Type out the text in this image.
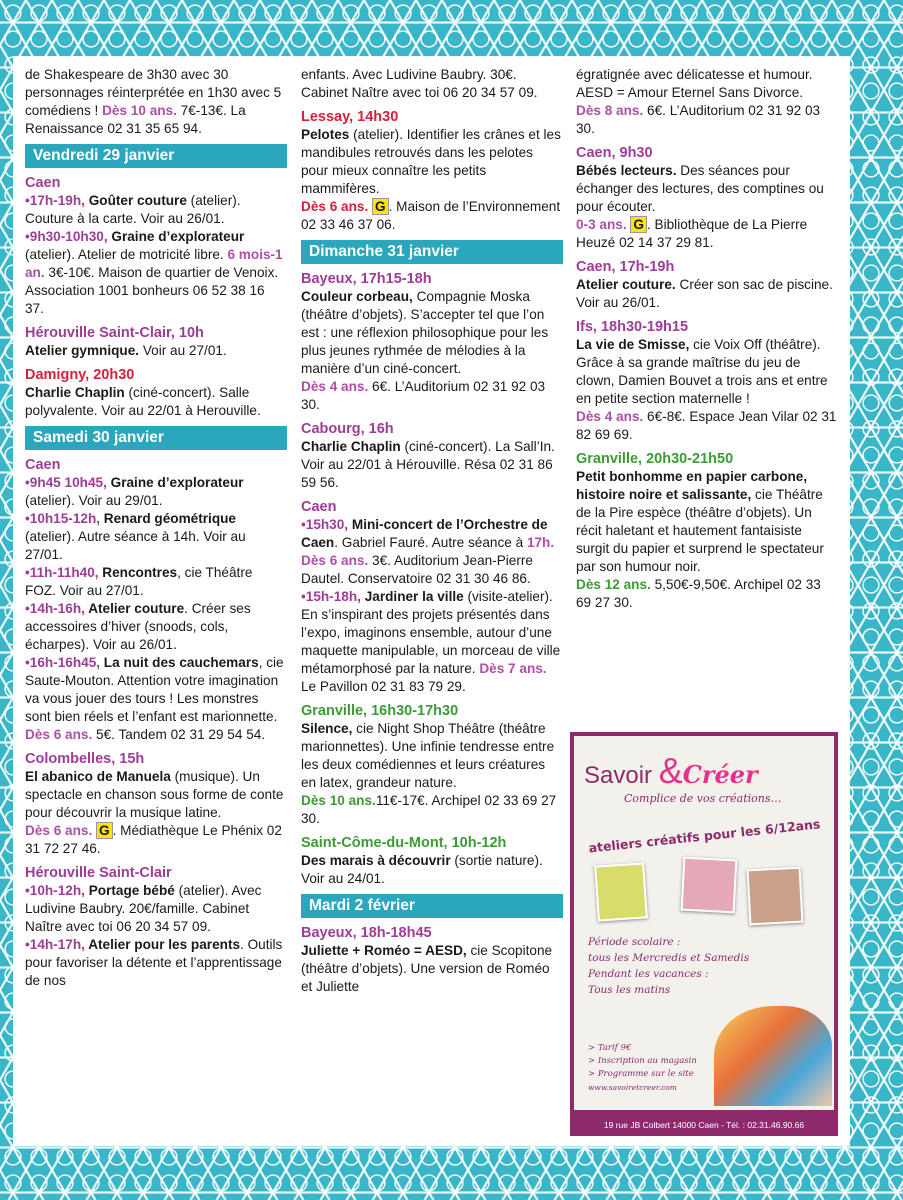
de Shakespeare de 3h30 avec 30 personnages réinterprétée en 1h30 avec 5 comédiens ! Dès 10 ans. 7€-13€. La Renaissance 02 31 35 65 94.

Vendredi 29 janvier
Caen

•17h-19h, Goûter couture (atelier). Couture à la carte. Voir au 26/01.

•9h30-10h30, Graine d’explorateur (atelier). Atelier de motricité libre. 6 mois-1 an. 3€-10€. Maison de quartier de Venoix. Association 1001 bonheurs 06 52 38 16 37.

Hérouville Saint-Clair, 10h

Atelier gymnique. Voir au 27/01.

Damigny, 20h30

Charlie Chaplin (ciné-concert). Salle polyvalente. Voir au 22/01 à Herouville.

Samedi 30 janvier
Caen

•9h45 10h45, Graine d’explorateur (atelier). Voir au 29/01.

•10h15-12h, Renard géométrique (atelier). Autre séance à 14h. Voir au 27/01.

•11h-11h40, Rencontres, cie Théâtre FOZ. Voir au 27/01.

•14h-16h, Atelier couture. Créer ses accessoires d’hiver (snoods, cols, écharpes). Voir au 26/01.

•16h-16h45, La nuit des cauchemars, cie Saute-Mouton. Attention votre imagination va vous jouer des tours ! Les monstres sont bien réels et l’enfant est marionnette. Dès 6 ans. 5€. Tandem 02 31 29 54 54.

Colombelles, 15h

El abanico de Manuela (musique). Un spectacle en chanson sous forme de conte pour découvrir la musique latine.

Dès 6 ans. G . Médiathèque Le Phénix 02 31 72 27 46.

Hérouville Saint-Clair

•10h-12h, Portage bébé (atelier). Avec Ludivine Baubry. 20€/famille. Cabinet Naître avec toi 06 20 34 57 09.

•14h-17h, Atelier pour les parents. Outils pour favoriser la détente et l’apprentissage de nos

enfants. Avec Ludivine Baubry. 30€. Cabinet Naître avec toi 06 20 34 57 09.

Lessay, 14h30

Pelotes (atelier). Identifier les crânes et les mandibules retrouvés dans les pelotes pour mieux connaître les petits mammifères.

Dès 6 ans. G . Maison de l’Environnement 02 33 46 37 06.

Dimanche 31 janvier
Bayeux, 17h15-18h

Couleur corbeau, Compagnie Moska (théâtre d’objets). S’accepter tel que l’on est : une réflexion philosophique pour les plus jeunes rythmée de mélodies à la manière d’un ciné-concert.

Dès 4 ans. 6€. L’Auditorium 02 31 92 03 30.

Cabourg, 16h

Charlie Chaplin (ciné-concert). La Sall’In. Voir au 22/01 à Hérouville. Résa 02 31 86 59 56.

Caen

•15h30, Mini-concert de l’Orchestre de Caen. Gabriel Fauré. Autre séance à 17h. Dès 6 ans. 3€. Auditorium Jean-Pierre Dautel. Conservatoire 02 31 30 46 86.

•15h-18h, Jardiner la ville (visite-atelier). En s’inspirant des projets présentés dans l’expo, imaginons ensemble, autour d’une maquette manipulable, un morceau de ville métamorphosé par la nature. Dès 7 ans. Le Pavillon 02 31 83 79 29.

Granville, 16h30-17h30

Silence, cie Night Shop Théâtre (théâtre marionnettes). Une infinie tendresse entre les deux comédiennes et leurs créatures en latex, grandeur nature.

Dès 10 ans.11€-17€. Archipel 02 33 69 27 30.

Saint-Côme-du-Mont, 10h-12h

Des marais à découvrir (sortie nature). Voir au 24/01.

Mardi 2 février
Bayeux, 18h-18h45

Juliette + Roméo = AESD, cie Scopitone (théâtre d’objets). Une version de Roméo et Juliette

égratignée avec délicatesse et humour. AESD = Amour Eternel Sans Divorce.

Dès 8 ans. 6€. L’Auditorium 02 31 92 03 30.

Caen, 9h30

Bébés lecteurs. Des séances pour échanger des lectures, des comptines ou pour écouter.

0-3 ans. G . Bibliothèque de La Pierre Heuzé 02 14 37 29 81.

Caen, 17h-19h

Atelier couture. Créer son sac de piscine. Voir au 26/01.

Ifs, 18h30-19h15

La vie de Smisse, cie Voix Off (théâtre). Grâce à sa grande maîtrise du jeu de clown, Damien Bouvet a trois ans et entre en petite section maternelle !

Dès 4 ans. 6€-8€. Espace Jean Vilar 02 31 82 69 69.

Granville, 20h30-21h50

Petit bonhomme en papier carbone, histoire noire et salissante, cie Théâtre de la Pire espèce (théâtre d’objets). Un récit haletant et hautement fantaisiste surgit du papier et surprend le spectateur par son humour noir.

Dès 12 ans. 5,50€-9,50€. Archipel 02 33 69 27 30.

Savoir &Créer
Complice de vos créations…
ateliers créatifs pour les 6/12ans
Période scolaire :
tous les Mercredis et Samedis
Pendant les vacances :
Tous les matins
> Tarif 9€
> Inscription au magasin
> Programme sur le site
www.savoiretcreer.com
19 rue JB Colbert 14000 Caen - Tél. : 02.31.46.90.66
